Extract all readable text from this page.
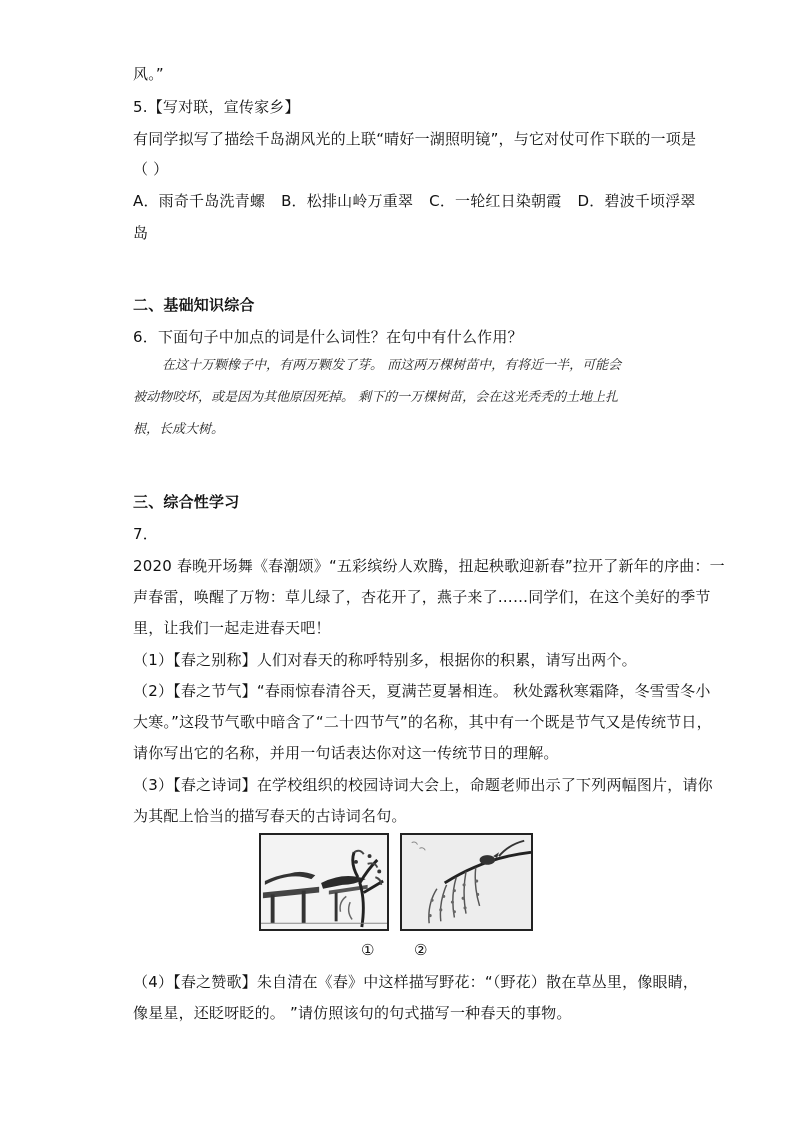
风。”
5.【写对联，宣传家乡】
有同学拟写了描绘千岛湖风光的上联“晴好一湖照明镜”，与它对仗可作下联的一项是
（ ）
A．雨奇千岛洗青螺 B．松排山岭万重翠 C．一轮红日染朝霞 D．碧波千顷浮翠
岛
二、基础知识综合
6．下面句子中加点的词是什么词性？在句中有什么作用？
在这十万颗橡子中，有两万颗发了芽。 而这两万棵树苗中，有将近一半，可能会
被动物咬坏，或是因为其他原因死掉。 剩下的一万棵树苗，会在这光秃秃的土地上扎
根，长成大树。
三、综合性学习
7．
2020 春晚开场舞《春潮颂》“五彩缤纷人欢腾，扭起秧歌迎新春”拉开了新年的序曲：一
声春雷，唤醒了万物：草儿绿了，杏花开了，燕子来了……同学们，在这个美好的季节
里，让我们一起走进春天吧！
（1）【春之别称】人们对春天的称呼特别多，根据你的积累，请写出两个。
（2）【春之节气】“春雨惊春清谷天，夏满芒夏暑相连。 秋处露秋寒霜降，冬雪雪冬小
大寒。”这段节气歌中暗含了“二十四节气”的名称，其中有一个既是节气又是传统节日，
请你写出它的名称，并用一句话表达你对这一传统节日的理解。
（3）【春之诗词】在学校组织的校园诗词大会上，命题老师出示了下列两幅图片，请你
为其配上恰当的描写春天的古诗词名句。
①	②
（4）【春之赞歌】朱自清在《春》中这样描写野花：“（野花）散在草丛里，像眼睛，
像星星，还眨呀眨的。 ”请仿照该句的句式描写一种春天的事物。
